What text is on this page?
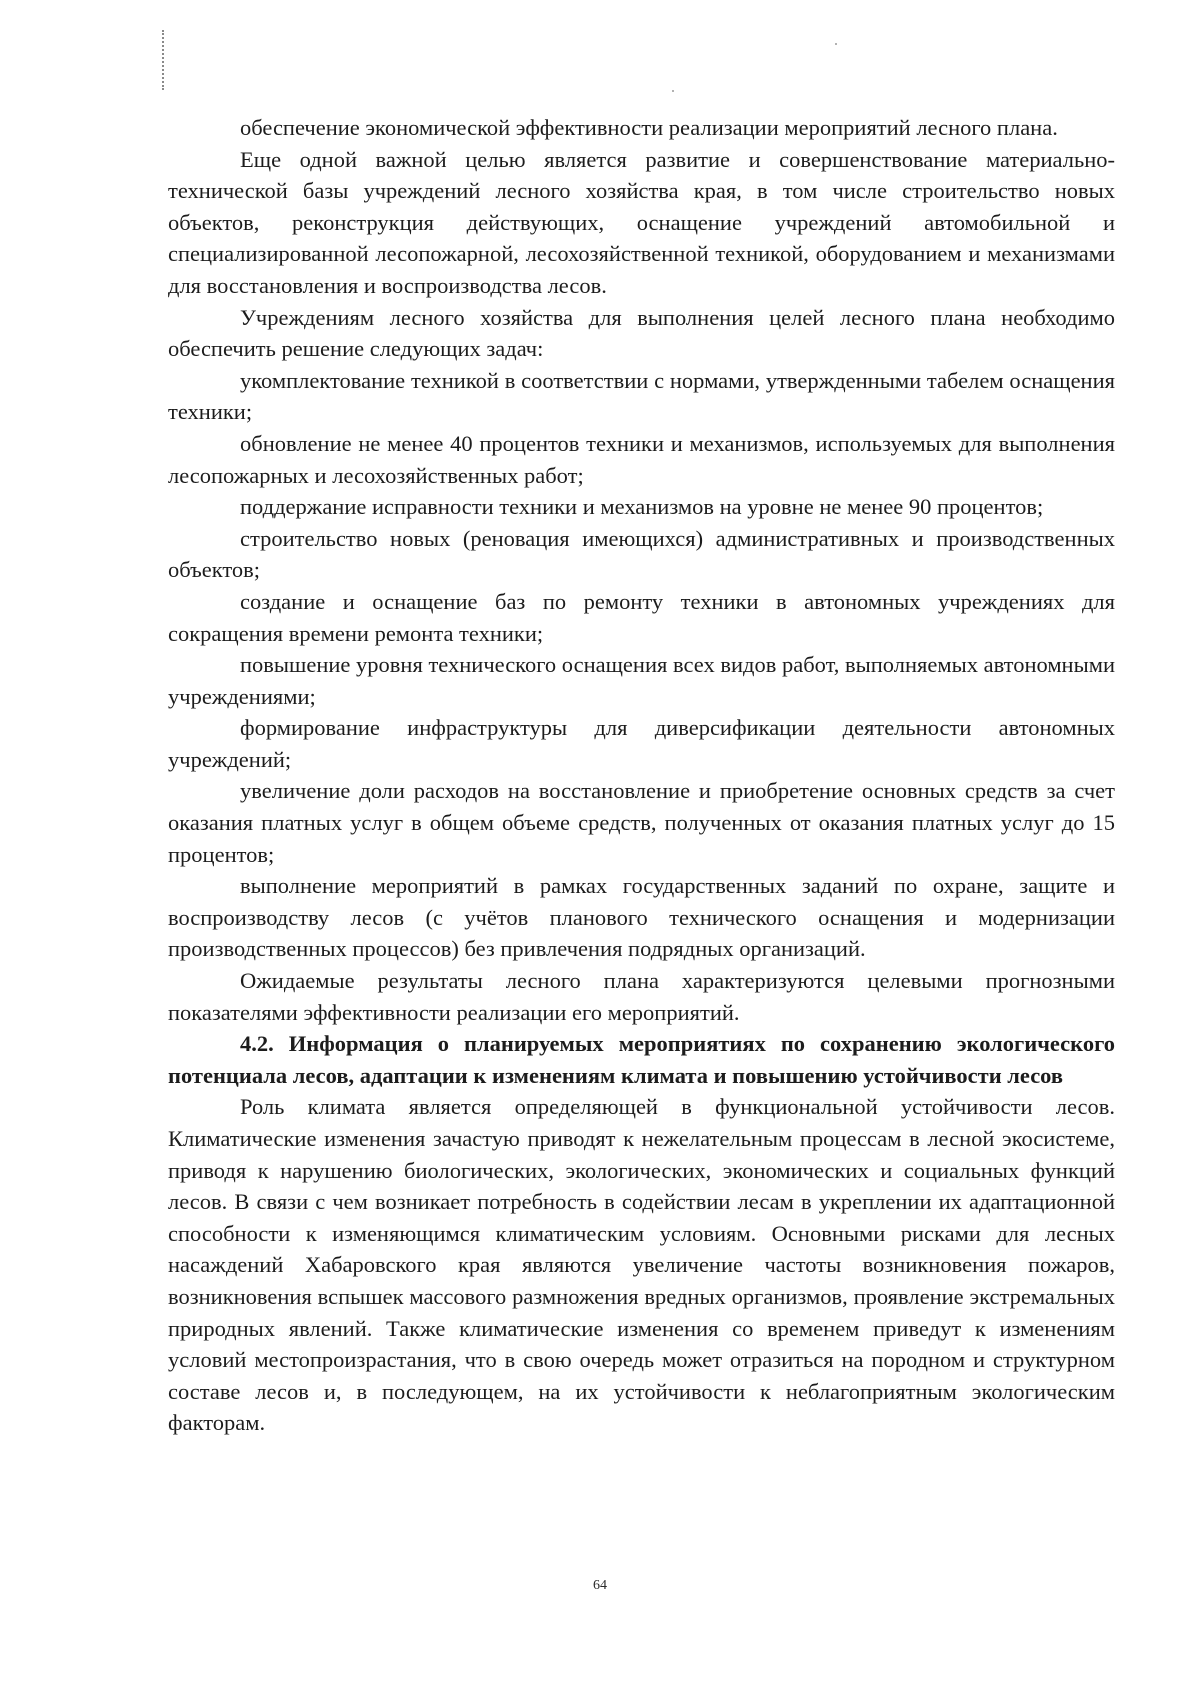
обеспечение экономической эффективности реализации мероприятий лесного плана.

Еще одной важной целью является развитие и совершенствование материально-технической базы учреждений лесного хозяйства края, в том числе строительство новых объектов, реконструкция действующих, оснащение учреждений автомобильной и специализированной лесопожарной, лесохозяйственной техникой, оборудованием и механизмами для восстановления и воспроизводства лесов.

Учреждениям лесного хозяйства для выполнения целей лесного плана необходимо обеспечить решение следующих задач:

укомплектование техникой в соответствии с нормами, утвержденными табелем оснащения техники;

обновление не менее 40 процентов техники и механизмов, используемых для выполнения лесопожарных и лесохозяйственных работ;

поддержание исправности техники и механизмов на уровне не менее 90 процентов;

строительство новых (реновация имеющихся) административных и производственных объектов;

создание и оснащение баз по ремонту техники в автономных учреждениях для сокращения времени ремонта техники;

повышение уровня технического оснащения всех видов работ, выполняемых автономными учреждениями;

формирование инфраструктуры для диверсификации деятельности автономных учреждений;

увеличение доли расходов на восстановление и приобретение основных средств за счет оказания платных услуг в общем объеме средств, полученных от оказания платных услуг до 15 процентов;

выполнение мероприятий в рамках государственных заданий по охране, защите и воспроизводству лесов (с учётов планового технического оснащения и модернизации производственных процессов) без привлечения подрядных организаций.

Ожидаемые результаты лесного плана характеризуются целевыми прогнозными показателями эффективности реализации его мероприятий.

4.2. Информация о планируемых мероприятиях по сохранению экологического потенциала лесов, адаптации к изменениям климата и повышению устойчивости лесов

Роль климата является определяющей в функциональной устойчивости лесов. Климатические изменения зачастую приводят к нежелательным процессам в лесной экосистеме, приводя к нарушению биологических, экологических, экономических и социальных функций лесов. В связи с чем возникает потребность в содействии лесам в укреплении их адаптационной способности к изменяющимся климатическим условиям. Основными рисками для лесных насаждений Хабаровского края являются увеличение частоты возникновения пожаров, возникновения вспышек массового размножения вредных организмов, проявление экстремальных природных явлений. Также климатические изменения со временем приведут к изменениям условий местопроизрастания, что в свою очередь может отразиться на породном и структурном составе лесов и, в последующем, на их устойчивости к неблагоприятным экологическим факторам.

64
